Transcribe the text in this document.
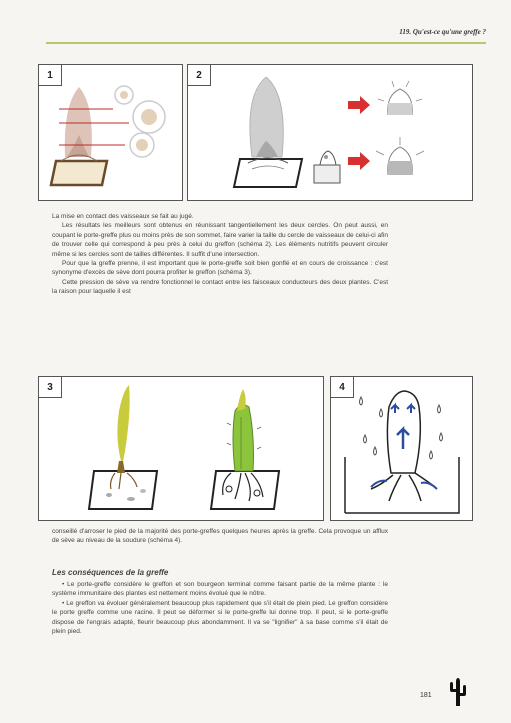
119. Qu'est-ce qu'une greffe ?
1	2

La mise en contact des vaisseaux se fait au jugé.

Les résultats les meilleurs sont obtenus en réunissant tangentiellement les deux cercles. On peut aussi, en coupant le porte-greffe plus ou moins près de son sommet, faire varier la taille du cercle de vaisseaux de celui-ci afin de trouver celle qui correspond à peu près à celui du greffon (schéma 2). Les éléments nutritifs peuvent circuler même si les cercles sont de tailles différentes. Il suffit d'une intersection.

Pour que la greffe prenne, il est important que le porte-greffe soit bien gonflé et en cours de croissance : c'est synonyme d'excès de sève dont pourra profiter le greffon (schéma 3).

Cette pression de sève va rendre fonctionnel le contact entre les faisceaux conducteurs des deux plantes. C'est la raison pour laquelle il est

3	4

conseillé d'arroser le pied de la majorité des porte-greffes quelques heures après la greffe. Cela provoque un afflux de sève au niveau de la soudure (schéma 4).

Les conséquences de la greffe

• Le porte-greffe considère le greffon et son bourgeon terminal comme faisant partie de la même plante : le système immunitaire des plantes est nettement moins évolué que le nôtre.

• Le greffon va évoluer généralement beaucoup plus rapidement que s'il était de plein pied. Le greffon considère le porte greffe comme une racine. Il peut se déformer si le porte-greffe lui donne trop. Il peut, si le porte-greffe dispose de l'engrais adapté, fleurir beaucoup plus abondamment. Il va se "lignifier" à sa base comme s'il était de plein pied.

181
